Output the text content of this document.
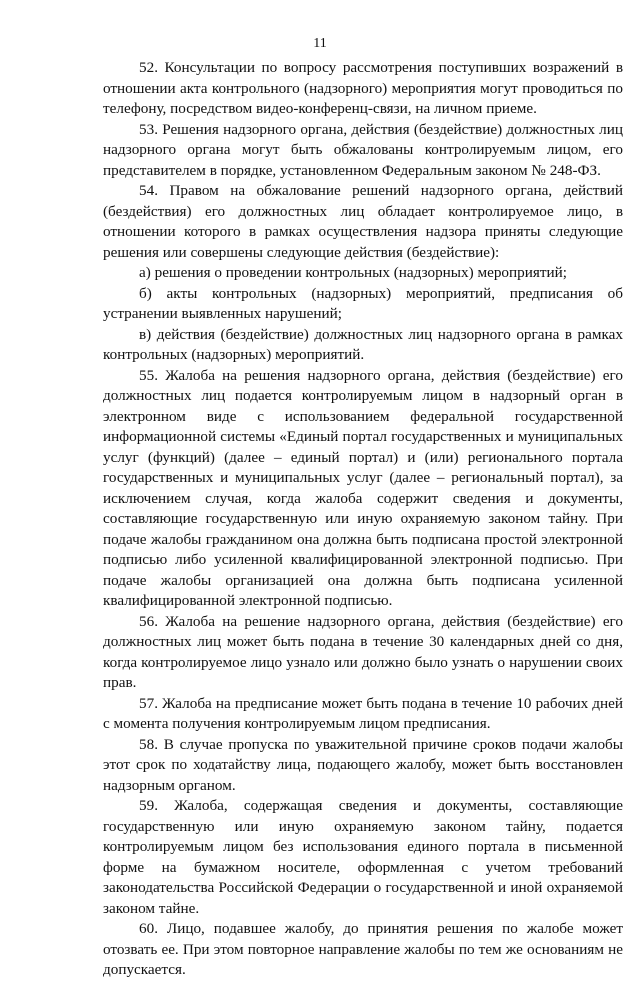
11

52. Консультации по вопросу рассмотрения поступивших возражений в отношении акта контрольного (надзорного) мероприятия могут проводиться по телефону, посредством видео-конференц-связи, на личном приеме.

53. Решения надзорного органа, действия (бездействие) должностных лиц надзорного органа могут быть обжалованы контролируемым лицом, его представителем в порядке, установленном Федеральным законом № 248-ФЗ.

54. Правом на обжалование решений надзорного органа, действий (бездействия) его должностных лиц обладает контролируемое лицо, в отношении которого в рамках осуществления надзора приняты следующие решения или совершены следующие действия (бездействие):

а) решения о проведении контрольных (надзорных) мероприятий;

б) акты контрольных (надзорных) мероприятий, предписания об устранении выявленных нарушений;

в) действия (бездействие) должностных лиц надзорного органа в рамках контрольных (надзорных) мероприятий.

55. Жалоба на решения надзорного органа, действия (бездействие) его должностных лиц подается контролируемым лицом в надзорный орган в электронном виде с использованием федеральной государственной информационной системы «Единый портал государственных и муниципальных услуг (функций) (далее – единый портал) и (или) регионального портала государственных и муниципальных услуг (далее – региональный портал), за исключением случая, когда жалоба содержит сведения и документы, составляющие государственную или иную охраняемую законом тайну. При подаче жалобы гражданином она должна быть подписана простой электронной подписью либо усиленной квалифицированной электронной подписью. При подаче жалобы организацией она должна быть подписана усиленной квалифицированной электронной подписью.

56. Жалоба на решение надзорного органа, действия (бездействие) его должностных лиц может быть подана в течение 30 календарных дней со дня, когда контролируемое лицо узнало или должно было узнать о нарушении своих прав.

57. Жалоба на предписание может быть подана в течение 10 рабочих дней с момента получения контролируемым лицом предписания.

58. В случае пропуска по уважительной причине сроков подачи жалобы этот срок по ходатайству лица, подающего жалобу, может быть восстановлен надзорным органом.

59. Жалоба, содержащая сведения и документы, составляющие государственную или иную охраняемую законом тайну, подается контролируемым лицом без использования единого портала в письменной форме на бумажном носителе, оформленная с учетом требований законодательства Российской Федерации о государственной и иной охраняемой законом тайне.

60. Лицо, подавшее жалобу, до принятия решения по жалобе может отозвать ее. При этом повторное направление жалобы по тем же основаниям не допускается.
